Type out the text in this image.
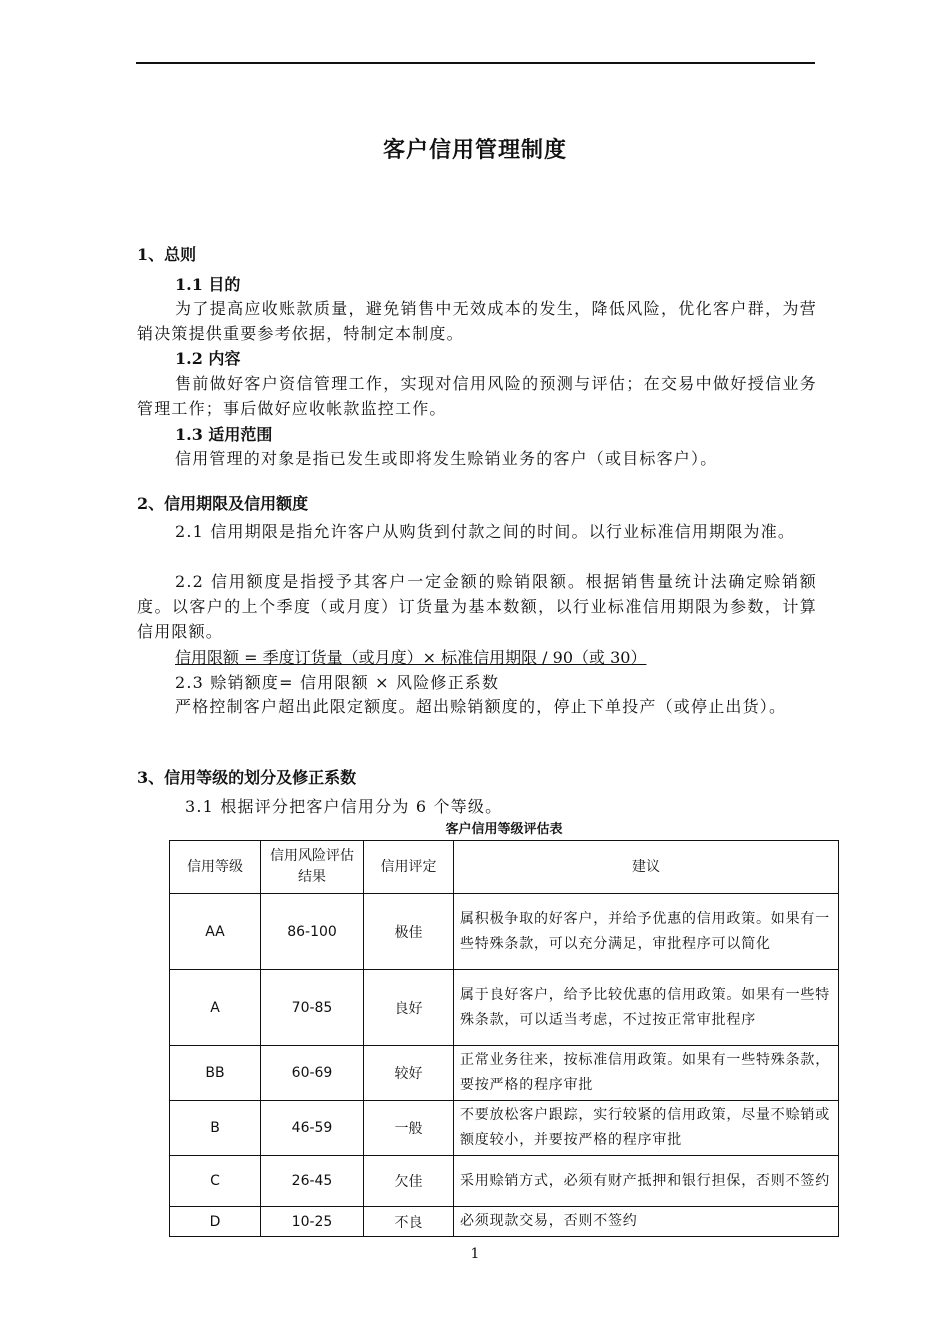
客户信用管理制度

1、总则

1.1 目的

为了提高应收账款质量，避免销售中无效成本的发生，降低风险，优化客户群，为营销决策提供重要参考依据，特制定本制度。

1.2 内容

售前做好客户资信管理工作，实现对信用风险的预测与评估；在交易中做好授信业务管理工作；事后做好应收帐款监控工作。

1.3 适用范围

信用管理的对象是指已发生或即将发生赊销业务的客户（或目标客户）。

2、信用期限及信用额度

2.1 信用期限是指允许客户从购货到付款之间的时间。以行业标准信用期限为准。

2.2 信用额度是指授予其客户一定金额的赊销限额。根据销售量统计法确定赊销额度。以客户的上个季度（或月度）订货量为基本数额，以行业标准信用期限为参数，计算信用限额。

信用限额 = 季度订货量（或月度）× 标准信用期限 / 90（或 30）

2.3 赊销额度= 信用限额 × 风险修正系数

严格控制客户超出此限定额度。超出赊销额度的，停止下单投产（或停止出货）。

3、信用等级的划分及修正系数

3.1 根据评分把客户信用分为 6 个等级。

客户信用等级评估表
信用等级	信用风险评估结果	信用评定	建议
AA	86-100	极佳	属积极争取的好客户，并给予优惠的信用政策。如果有一些特殊条款，可以充分满足，审批程序可以简化
A	70-85	良好	属于良好客户，给予比较优惠的信用政策。如果有一些特殊条款，可以适当考虑，不过按正常审批程序
BB	60-69	较好	正常业务往来，按标准信用政策。如果有一些特殊条款，要按严格的程序审批
B	46-59	一般	不要放松客户跟踪，实行较紧的信用政策，尽量不赊销或额度较小，并要按严格的程序审批
C	26-45	欠佳	采用赊销方式，必须有财产抵押和银行担保，否则不签约
D	10-25	不良	必须现款交易，否则不签约
1
